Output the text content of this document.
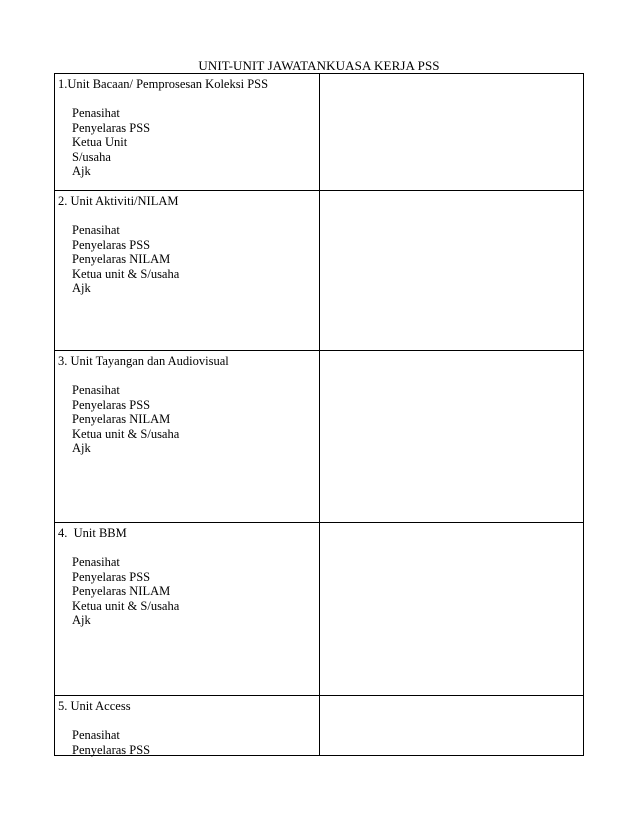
UNIT-UNIT JAWATANKUASA KERJA PSS
1.Unit Bacaan/ Pemprosesan Koleksi PSS
Penasihat
Penyelaras PSS
Ketua Unit
S/usaha
Ajk
2. Unit Aktiviti/NILAM
Penasihat
Penyelaras PSS
Penyelaras NILAM
Ketua unit & S/usaha
Ajk
3. Unit Tayangan dan Audiovisual
Penasihat
Penyelaras PSS
Penyelaras NILAM
Ketua unit & S/usaha
Ajk
4.  Unit BBM
Penasihat
Penyelaras PSS
Penyelaras NILAM
Ketua unit & S/usaha
Ajk
5. Unit Access
Penasihat
Penyelaras PSS
